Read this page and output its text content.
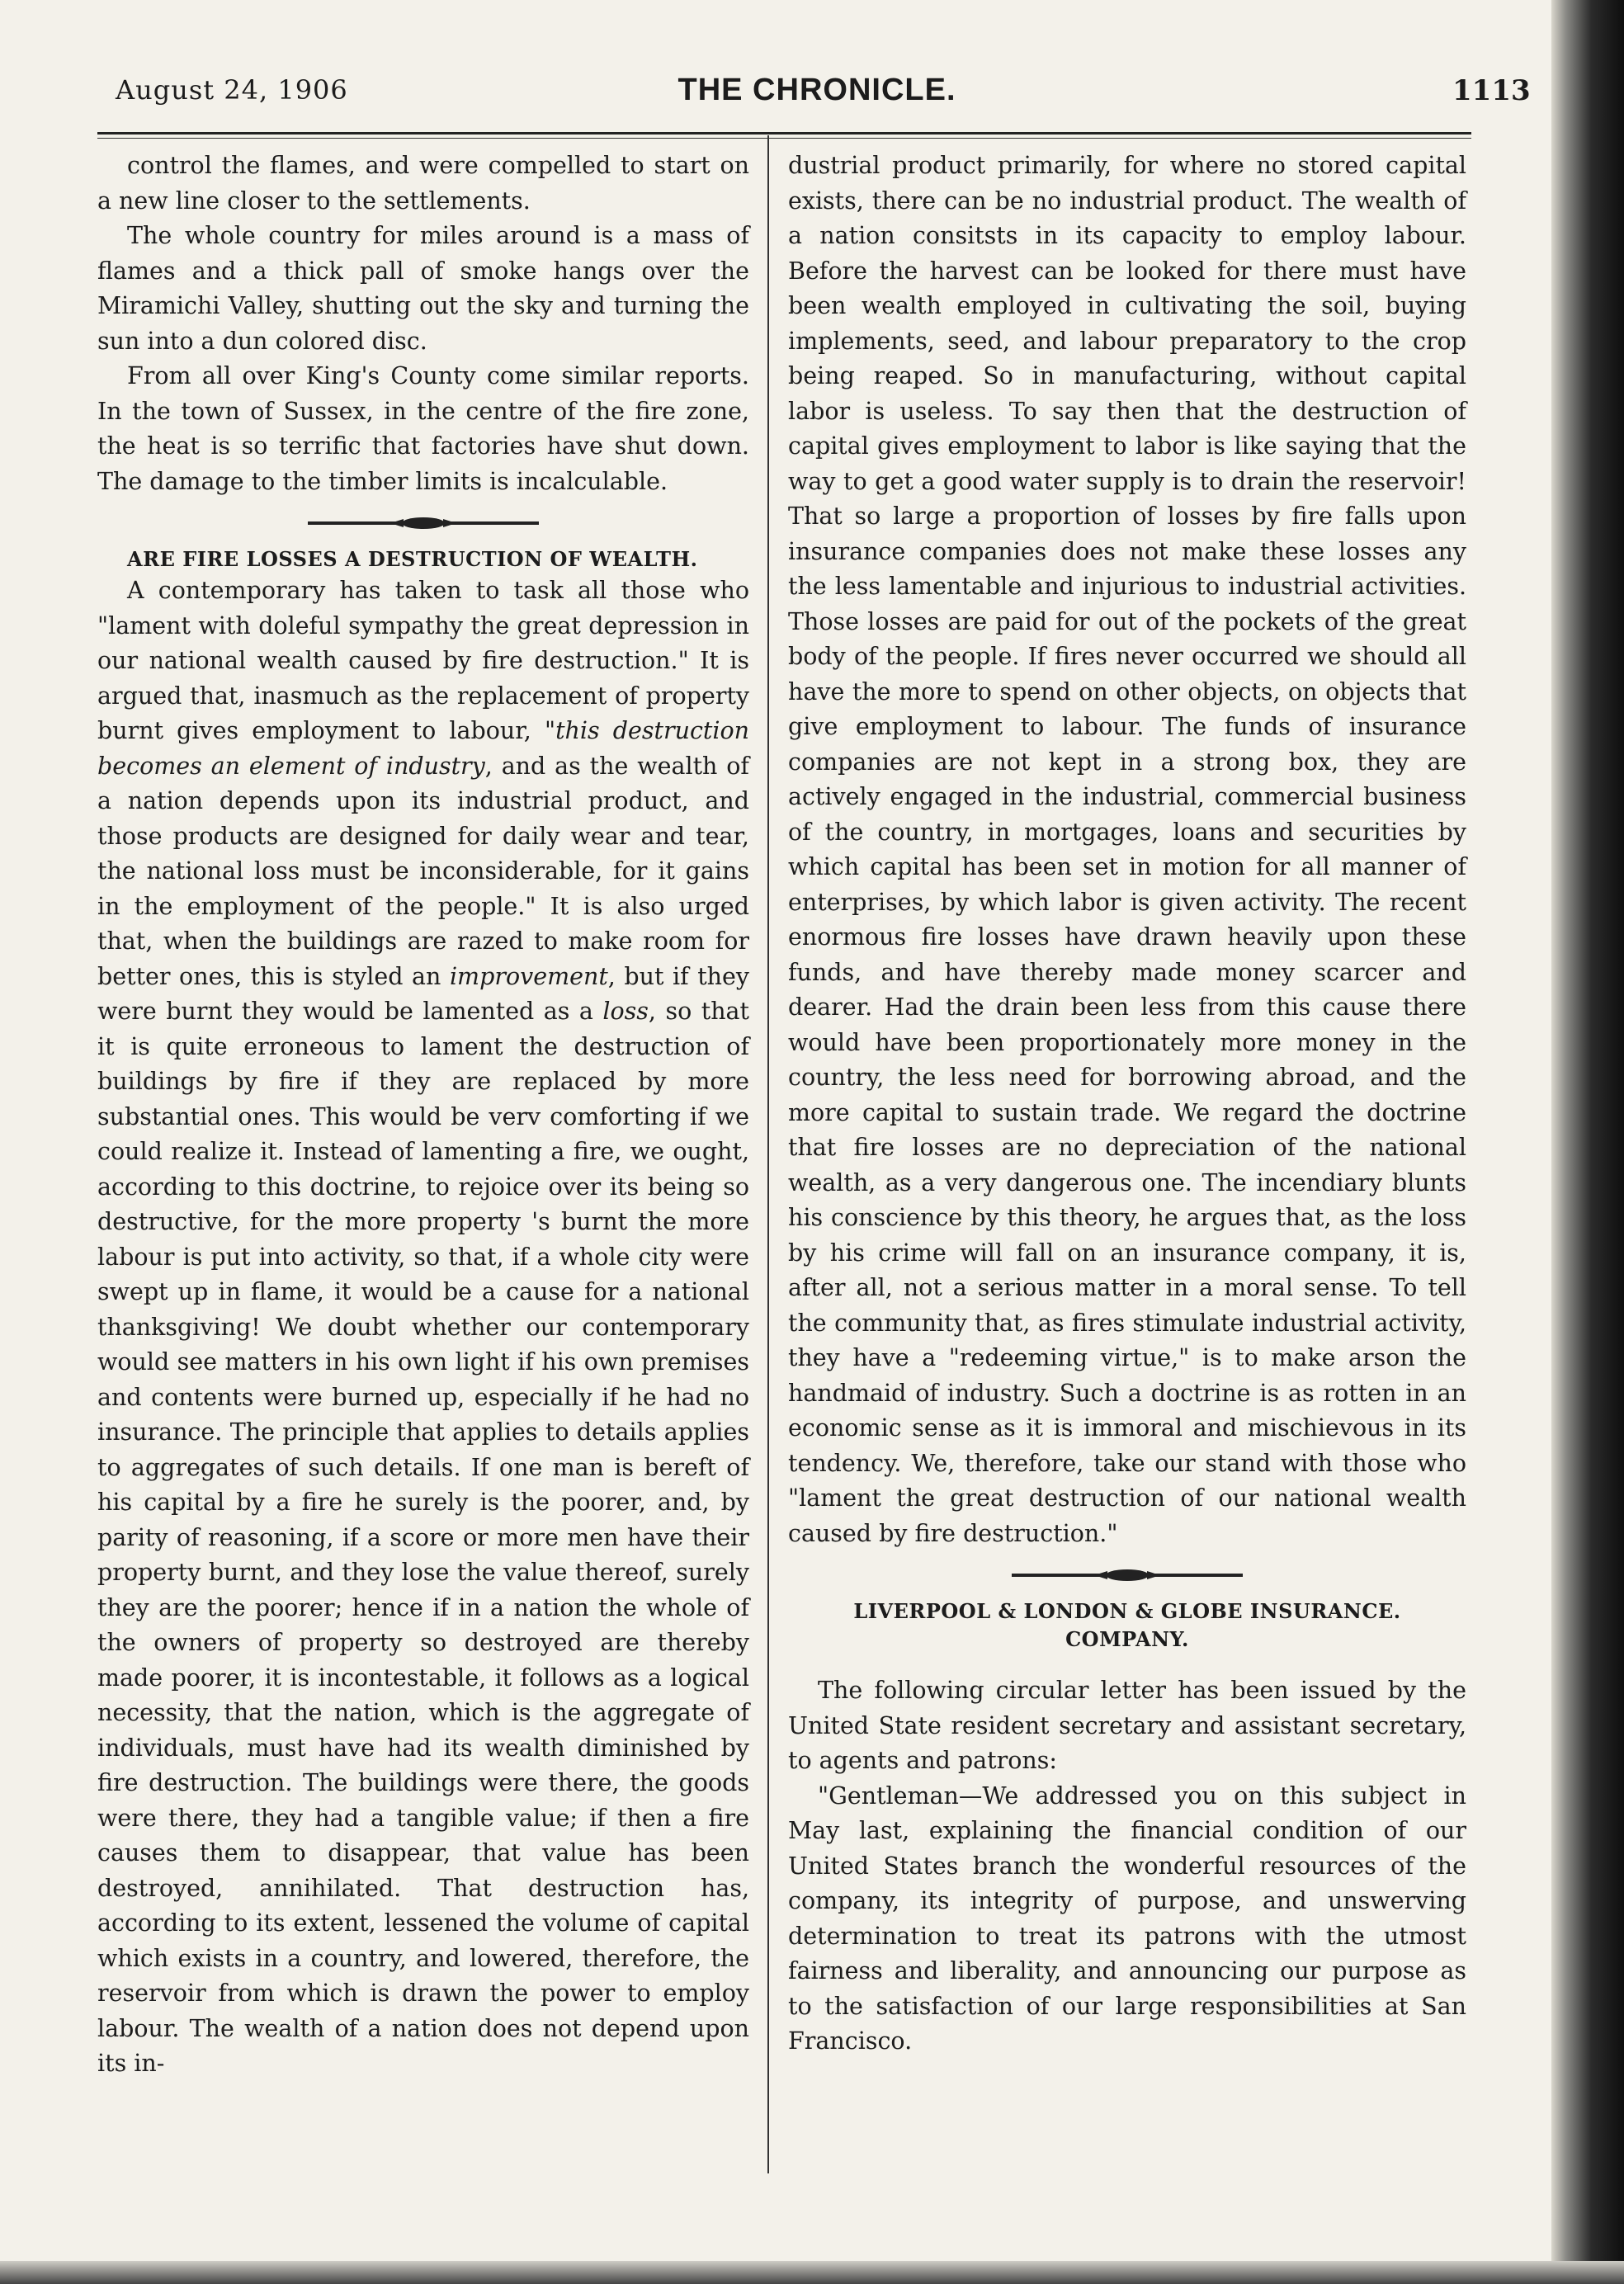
August 24, 1906	THE CHRONICLE.	1113

control the flames, and were compelled to start on a new line closer to the settlements.

The whole country for miles around is a mass of flames and a thick pall of smoke hangs over the Miramichi Valley, shutting out the sky and turning the sun into a dun colored disc.

From all over King's County come similar reports. In the town of Sussex, in the centre of the fire zone, the heat is so terrific that factories have shut down. The damage to the timber limits is incalculable.

ARE FIRE LOSSES A DESTRUCTION OF WEALTH.

A contemporary has taken to task all those who "lament with doleful sympathy the great depression in our national wealth caused by fire destruction." It is argued that, inasmuch as the replacement of property burnt gives employment to labour, "this destruction becomes an element of industry, and as the wealth of a nation depends upon its industrial product, and those products are designed for daily wear and tear, the national loss must be inconsiderable, for it gains in the employment of the people." It is also urged that, when the buildings are razed to make room for better ones, this is styled an improvement, but if they were burnt they would be lamented as a loss, so that it is quite erroneous to lament the destruction of buildings by fire if they are replaced by more substantial ones. This would be verv comforting if we could realize it. Instead of lamenting a fire, we ought, according to this doctrine, to rejoice over its being so destructive, for the more property 's burnt the more labour is put into activity, so that, if a whole city were swept up in flame, it would be a cause for a national thanksgiving! We doubt whether our contemporary would see matters in his own light if his own premises and contents were burned up, especially if he had no insurance. The principle that applies to details applies to aggregates of such details. If one man is bereft of his capital by a fire he surely is the poorer, and, by parity of reasoning, if a score or more men have their property burnt, and they lose the value thereof, surely they are the poorer; hence if in a nation the whole of the owners of property so destroyed are thereby made poorer, it is incontestable, it follows as a logical necessity, that the nation, which is the aggregate of individuals, must have had its wealth diminished by fire destruction. The buildings were there, the goods were there, they had a tangible value; if then a fire causes them to disappear, that value has been destroyed, annihilated. That destruction has, according to its extent, lessened the volume of capital which exists in a country, and lowered, therefore, the reservoir from which is drawn the power to employ labour. The wealth of a nation does not depend upon its in-

dustrial product primarily, for where no stored capital exists, there can be no industrial product. The wealth of a nation consitsts in its capacity to employ labour. Before the harvest can be looked for there must have been wealth employed in cultivating the soil, buying implements, seed, and labour preparatory to the crop being reaped. So in manufacturing, without capital labor is useless. To say then that the destruction of capital gives employment to labor is like saying that the way to get a good water supply is to drain the reservoir! That so large a proportion of losses by fire falls upon insurance companies does not make these losses any the less lamentable and injurious to industrial activities. Those losses are paid for out of the pockets of the great body of the people. If fires never occurred we should all have the more to spend on other objects, on objects that give employment to labour. The funds of insurance companies are not kept in a strong box, they are actively engaged in the industrial, commercial business of the country, in mortgages, loans and securities by which capital has been set in motion for all manner of enterprises, by which labor is given activity. The recent enormous fire losses have drawn heavily upon these funds, and have thereby made money scarcer and dearer. Had the drain been less from this cause there would have been proportionately more money in the country, the less need for borrowing abroad, and the more capital to sustain trade. We regard the doctrine that fire losses are no depreciation of the national wealth, as a very dangerous one. The incendiary blunts his conscience by this theory, he argues that, as the loss by his crime will fall on an insurance company, it is, after all, not a serious matter in a moral sense. To tell the community that, as fires stimulate industrial activity, they have a "redeeming virtue," is to make arson the handmaid of industry. Such a doctrine is as rotten in an economic sense as it is immoral and mischievous in its tendency. We, therefore, take our stand with those who "lament the great destruction of our national wealth caused by fire destruction."

LIVERPOOL & LONDON & GLOBE INSURANCE.
COMPANY.

The following circular letter has been issued by the United State resident secretary and assistant secretary, to agents and patrons:

"Gentleman—We addressed you on this subject in May last, explaining the financial condition of our United States branch the wonderful resources of the company, its integrity of purpose, and unswerving determination to treat its patrons with the utmost fairness and liberality, and announcing our purpose as to the satisfaction of our large responsibilities at San Francisco.
